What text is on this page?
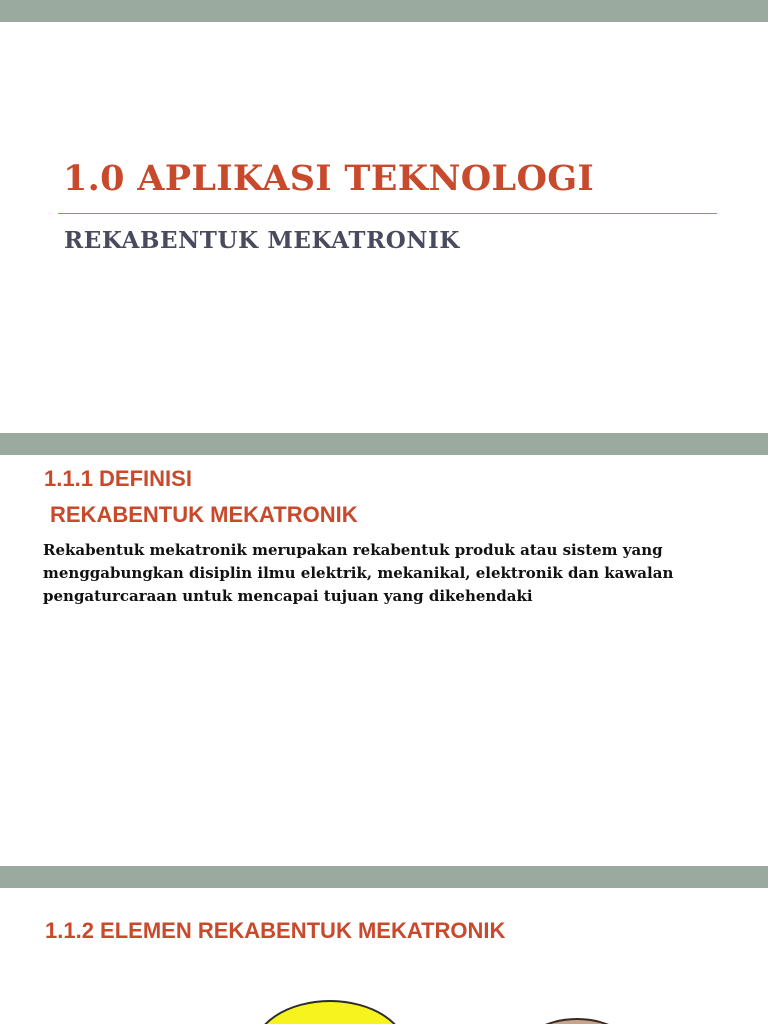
1.0 APLIKASI TEKNOLOGI
REKABENTUK MEKATRONIK
1.1.1 DEFINISI
REKABENTUK MEKATRONIK

Rekabentuk mekatronik merupakan rekabentuk produk atau sistem yang menggabungkan disiplin ilmu elektrik, mekanikal, elektronik dan kawalan pengaturcaraan untuk mencapai tujuan yang dikehendaki

1.1.2 ELEMEN REKABENTUK MEKATRONIK
